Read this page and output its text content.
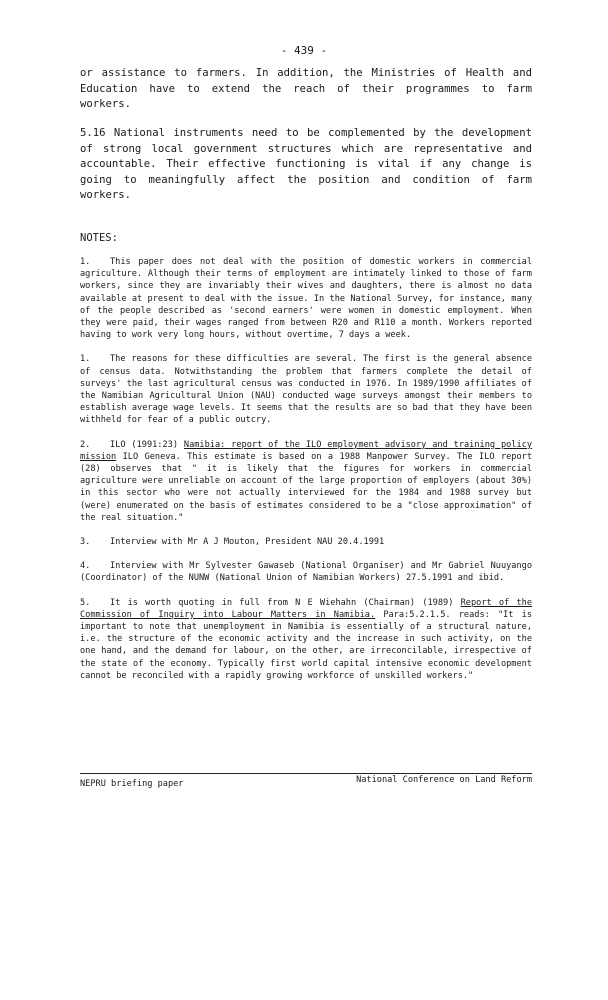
- 439 -

or assistance to farmers. In addition, the Ministries of Health and Education have to extend the reach of their programmes to farm workers.

5.16 National instruments need to be complemented by the development of strong local government structures which are representative and accountable. Their effective functioning is vital if any change is going to meaningfully affect the position and condition of farm workers.

NOTES:

1. This paper does not deal with the position of domestic workers in commercial agriculture. Although their terms of employment are intimately linked to those of farm workers, since they are invariably their wives and daughters, there is almost no data available at present to deal with the issue. In the National Survey, for instance, many of the people described as 'second earners' were women in domestic employment. When they were paid, their wages ranged from between R20 and R110 a month. Workers reported having to work very long hours, without overtime, 7 days a week.

1. The reasons for these difficulties are several. The first is the general absence of census data. Notwithstanding the problem that farmers complete the detail of surveys' the last agricultural census was conducted in 1976. In 1989/1990 affiliates of the Namibian Agricultural Union (NAU) conducted wage surveys amongst their members to establish average wage levels. It seems that the results are so bad that they have been withheld for fear of a public outcry.

2. ILO (1991:23) Namibia: report of the ILO employment advisory and training policy mission ILO Geneva. This estimate is based on a 1988 Manpower Survey. The ILO report (28) observes that " it is likely that the figures for workers in commercial agriculture were unreliable on account of the large proportion of employers (about 30%) in this sector who were not actually interviewed for the 1984 and 1988 survey but (were) enumerated on the basis of estimates considered to be a "close approximation" of the real situation."

3. Interview with Mr A J Mouton, President NAU 20.4.1991

4. Interview with Mr Sylvester Gawaseb (National Organiser) and Mr Gabriel Nuuyango (Coordinator) of the NUNW (National Union of Namibian Workers) 27.5.1991 and ibid.

5. It is worth quoting in full from N E Wiehahn (Chairman) (1989) Report of the Commission of Inquiry into Labour Matters in Namibia. Para:5.2.1.5. reads: "It is important to note that unemployment in Namibia is essentially of a structural nature, i.e. the structure of the economic activity and the increase in such activity, on the one hand, and the demand for labour, on the other, are irreconcilable, irrespective of the state of the economy. Typically first world capital intensive economic development cannot be reconciled with a rapidly growing workforce of unskilled workers."

NEPRU briefing paper	National Conference on Land Reform
